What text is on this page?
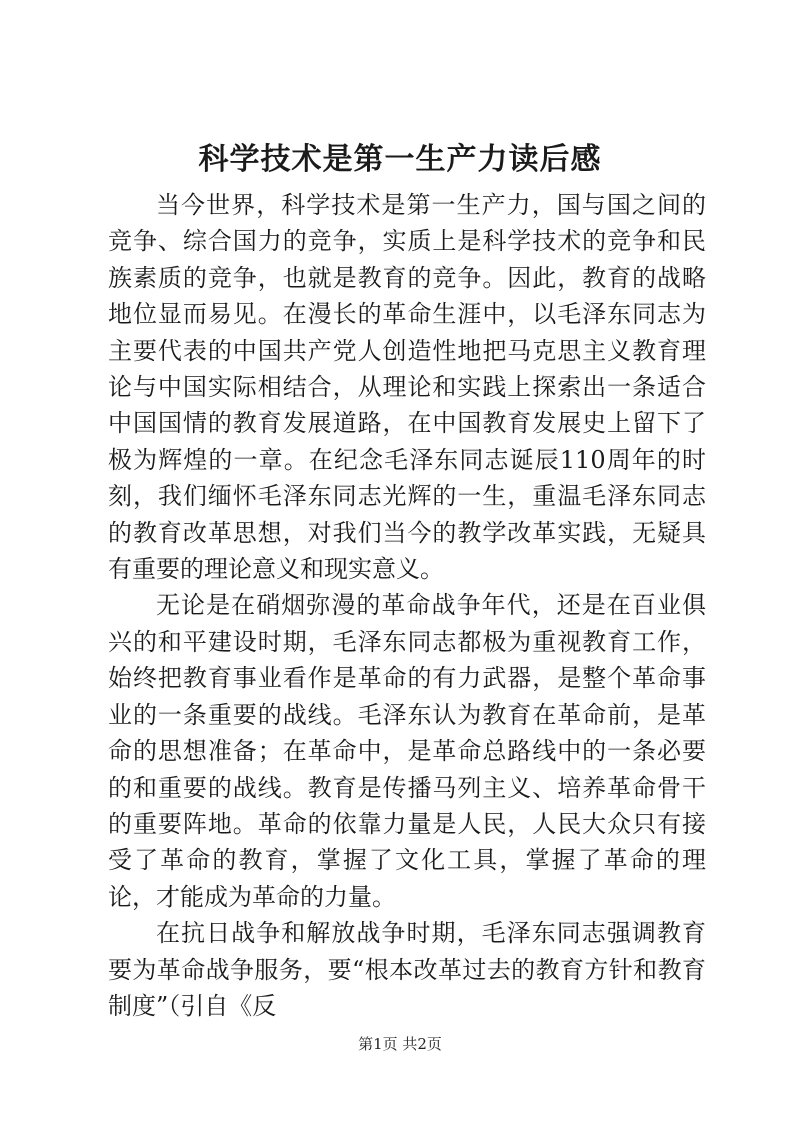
科学技术是第一生产力读后感

当今世界，科学技术是第一生产力，国与国之间的竞争、综合国力的竞争，实质上是科学技术的竞争和民族素质的竞争，也就是教育的竞争。因此，教育的战略地位显而易见。在漫长的革命生涯中，以毛泽东同志为主要代表的中国共产党人创造性地把马克思主义教育理论与中国实际相结合，从理论和实践上探索出一条适合中国国情的教育发展道路，在中国教育发展史上留下了极为辉煌的一章。在纪念毛泽东同志诞辰110周年的时刻，我们缅怀毛泽东同志光辉的一生，重温毛泽东同志的教育改革思想，对我们当今的教学改革实践，无疑具有重要的理论意义和现实意义。

无论是在硝烟弥漫的革命战争年代，还是在百业俱兴的和平建设时期，毛泽东同志都极为重视教育工作，始终把教育事业看作是革命的有力武器，是整个革命事业的一条重要的战线。毛泽东认为教育在革命前，是革命的思想准备；在革命中，是革命总路线中的一条必要的和重要的战线。教育是传播马列主义、培养革命骨干的重要阵地。革命的依靠力量是人民，人民大众只有接受了革命的教育，掌握了文化工具，掌握了革命的理论，才能成为革命的力量。

在抗日战争和解放战争时期，毛泽东同志强调教育要为革命战争服务，要“根本改革过去的教育方针和教育制度”（引自《反

第1页 共2页
